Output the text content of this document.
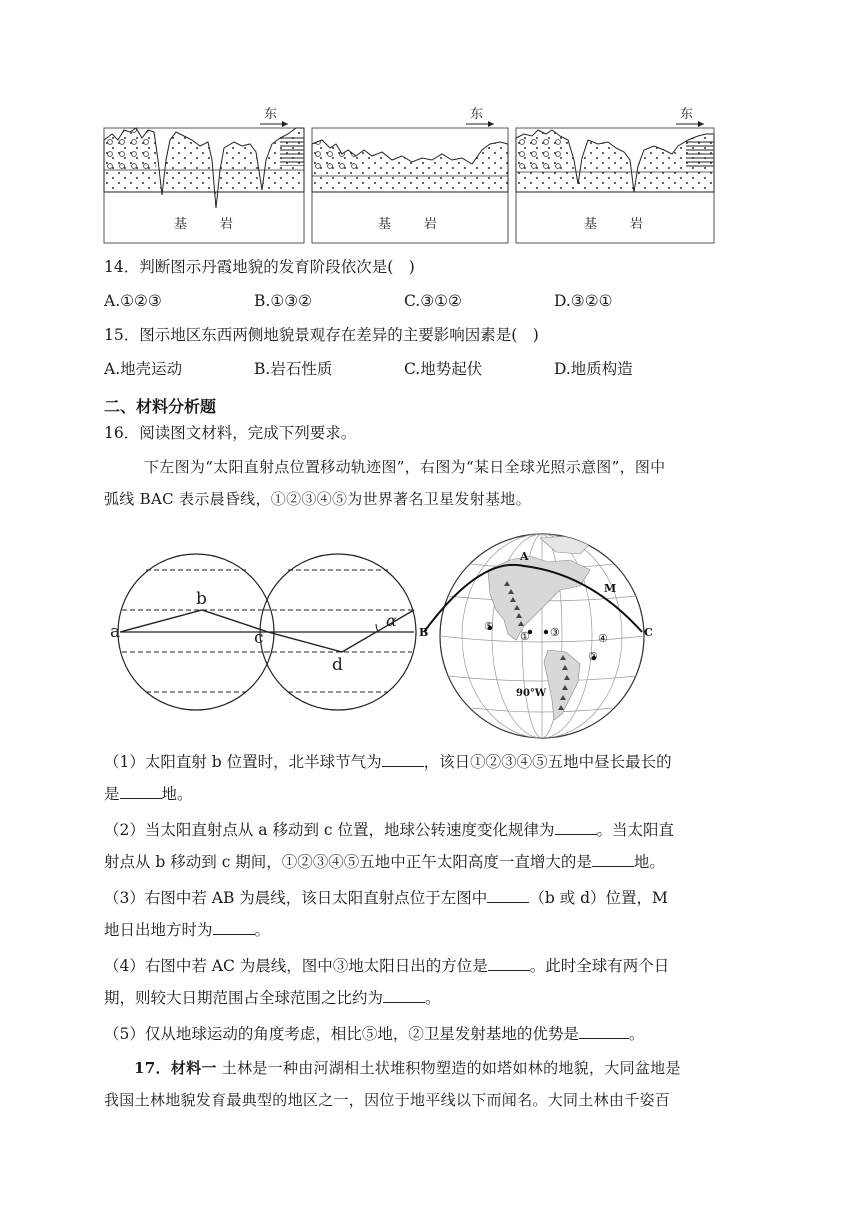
东
基	岩
东
基	岩
东
基	岩
14．判断图示丹霞地貌的发育阶段依次是(　)
A.①②③	B.①③②	C.③①②	D.③②①
15．图示地区东西两侧地貌景观存在差异的主要影响因素是(　)
A.地壳运动	B.岩石性质	C.地势起伏	D.地质构造
二、材料分析题
16．阅读图文材料，完成下列要求。
下左图为“太阳直射点位置移动轨迹图”，右图为“某日全球光照示意图”，图中
弧线 BAC 表示晨昏线，①②③④⑤为世界著名卫星发射基地。
a
b
c
d
α
B
A
C
M
⑤
① ③
②
④
90°W
（1）太阳直射 b 位置时，北半球节气为	，该日①②③④⑤五地中昼长最长的
是	地。
（2）当太阳直射点从 a 移动到 c 位置，地球公转速度变化规律为	。当太阳直
射点从 b 移动到 c 期间，①②③④⑤五地中正午太阳高度一直增大的是	地。
（3）右图中若 AB 为晨线，该日太阳直射点位于左图中	（b 或 d）位置，M
地日出地方时为	。
（4）右图中若 AC 为晨线，图中③地太阳日出的方位是	。此时全球有两个日
期，则较大日期范围占全球范围之比约为	。
（5）仅从地球运动的角度考虑，相比⑤地，②卫星发射基地的优势是	。
17．材料一 土林是一种由河湖相土状堆积物塑造的如塔如林的地貌，大同盆地是
我国土林地貌发育最典型的地区之一，因位于地平线以下而闻名。大同土林由千姿百
